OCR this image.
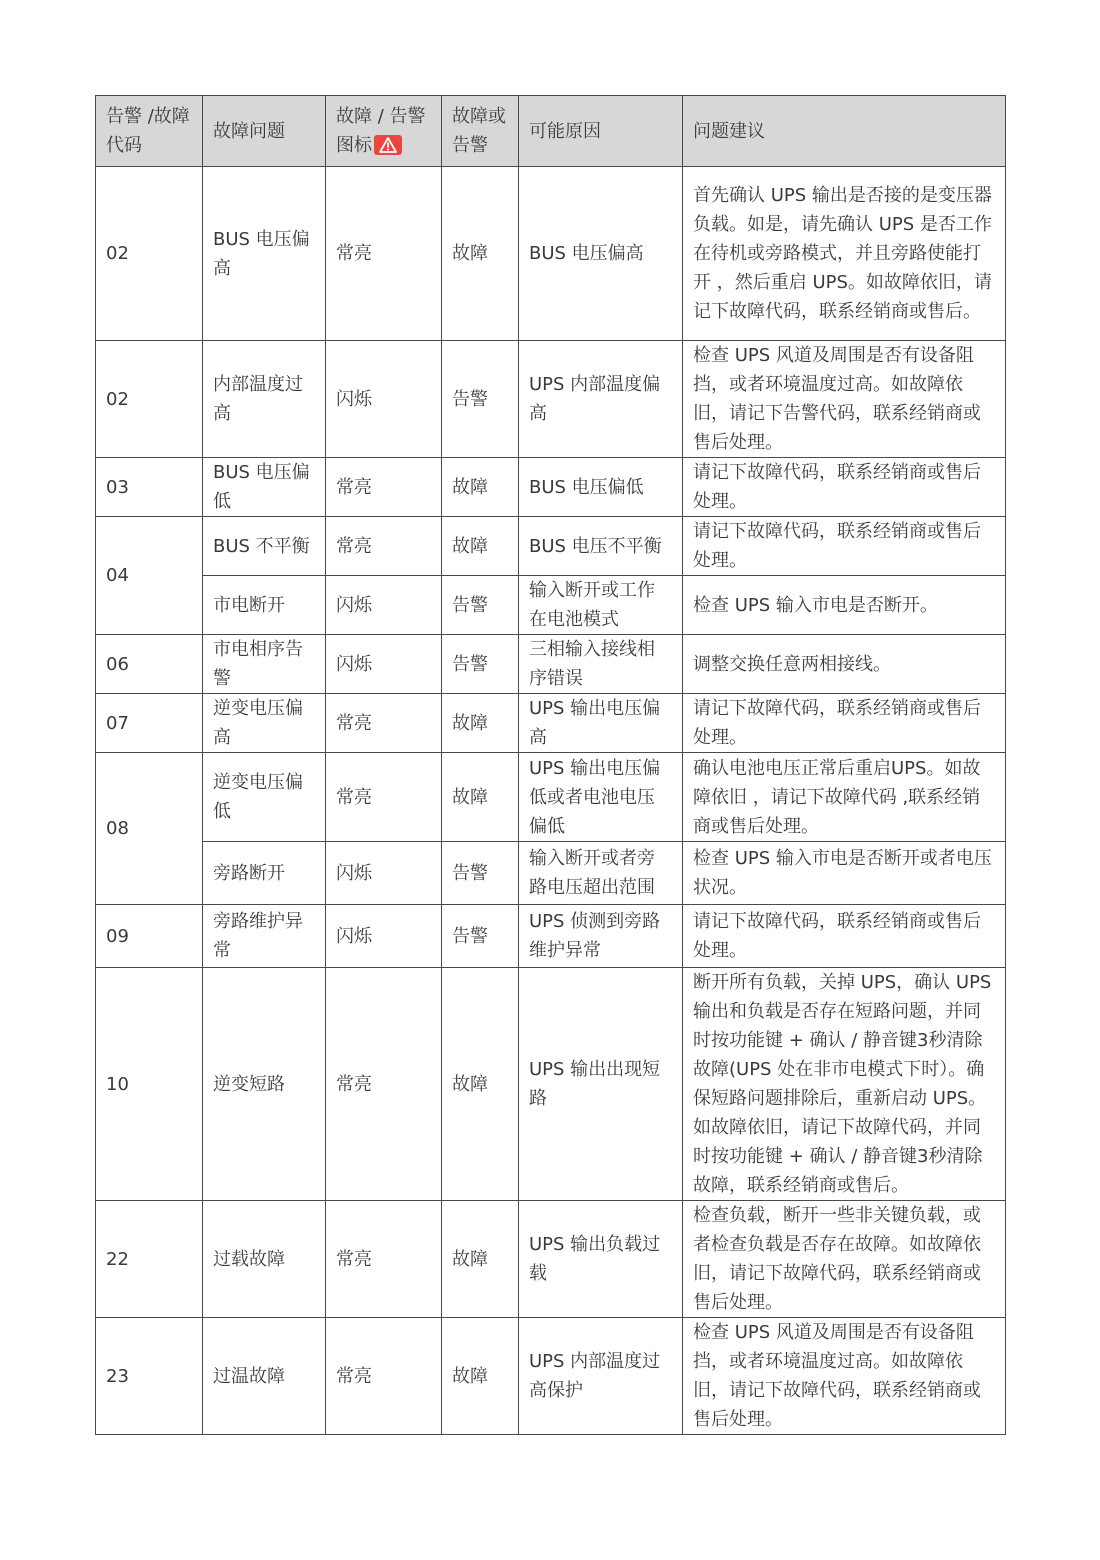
告警 /故障代码	故障问题	故障 / 告警图标	故障或告警	可能原因	问题建议
02	BUS 电压偏高	常亮	故障	BUS 电压偏高	首先确认 UPS 输出是否接的是变压器负载。如是，请先确认 UPS 是否工作在待机或旁路模式，并且旁路使能打开 ，然后重启 UPS。如故障依旧，请记下故障代码，联系经销商或售后。
02	内部温度过高	闪烁	告警	UPS 内部温度偏高	检查 UPS 风道及周围是否有设备阻挡，或者环境温度过高。如故障依旧，请记下告警代码，联系经销商或售后处理。
03	BUS 电压偏低	常亮	故障	BUS 电压偏低	请记下故障代码，联系经销商或售后处理。
04	BUS 不平衡	常亮	故障	BUS 电压不平衡	请记下故障代码，联系经销商或售后处理。
	市电断开	闪烁	告警	输入断开或工作在电池模式	检查 UPS 输入市电是否断开。
06	市电相序告警	闪烁	告警	三相输入接线相序错误	调整交换任意两相接线。
07	逆变电压偏高	常亮	故障	UPS 输出电压偏高	请记下故障代码，联系经销商或售后处理。
08	逆变电压偏低	常亮	故障	UPS 输出电压偏低或者电池电压偏低	确认电池电压正常后重启UPS。如故障依旧 ，请记下故障代码 ,联系经销商或售后处理。
	旁路断开	闪烁	告警	输入断开或者旁路电压超出范围	检查 UPS 输入市电是否断开或者电压状况。
09	旁路维护异常	闪烁	告警	UPS 侦测到旁路维护异常	请记下故障代码，联系经销商或售后处理。
10	逆变短路	常亮	故障	UPS 输出出现短路	断开所有负载，关掉 UPS，确认 UPS 输出和负载是否存在短路问题，并同时按功能键 + 确认 / 静音键3秒清除故障(UPS 处在非市电模式下时）。确保短路问题排除后，重新启动 UPS。如故障依旧，请记下故障代码，并同时按功能键 + 确认 / 静音键3秒清除故障，联系经销商或售后。
22	过载故障	常亮	故障	UPS 输出负载过载	检查负载，断开一些非关键负载，或者检查负载是否存在故障。如故障依旧，请记下故障代码，联系经销商或售后处理。
23	过温故障	常亮	故障	UPS 内部温度过高保护	检查 UPS 风道及周围是否有设备阻挡，或者环境温度过高。如故障依旧，请记下故障代码，联系经销商或售后处理。
